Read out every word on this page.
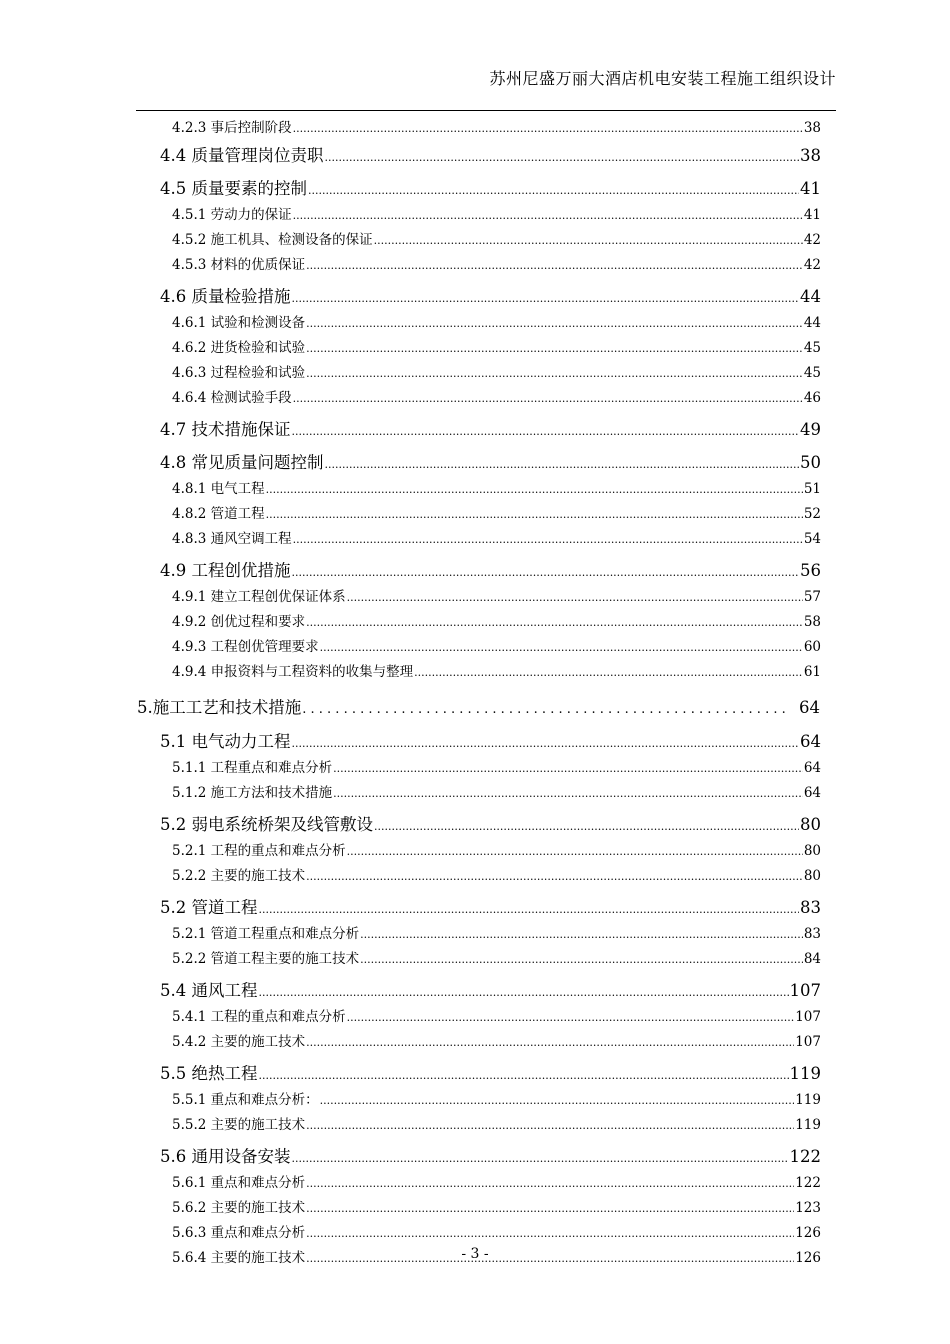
苏州尼盛万丽大酒店机电安装工程施工组织设计
4.2.3 事后控制阶段 .....	38
4.4 质量管理岗位责职 .....	38
4.5 质量要素的控制 .....	41
4.5.1 劳动力的保证 .....	41
4.5.2 施工机具、检测设备的保证 .....	42
4.5.3 材料的优质保证 .....	42
4.6 质量检验措施 .....	44
4.6.1 试验和检测设备 .....	44
4.6.2 进货检验和试验 .....	45
4.6.3 过程检验和试验 .....	45
4.6.4 检测试验手段 .....	46
4.7 技术措施保证 .....	49
4.8 常见质量问题控制 .....	50
4.8.1 电气工程 .....	51
4.8.2 管道工程 .....	52
4.8.3 通风空调工程 .....	54
4.9 工程创优措施 .....	56
4.9.1 建立工程创优保证体系 .....	57
4.9.2 创优过程和要求 .....	58
4.9.3 工程创优管理要求 .....	60
4.9.4 申报资料与工程资料的收集与整理 .....	61
5.施工工艺和技术措施 . . .	64
5.1 电气动力工程 .....	64
5.1.1 工程重点和难点分析 .....	64
5.1.2 施工方法和技术措施 .....	64
5.2 弱电系统桥架及线管敷设 .....	80
5.2.1 工程的重点和难点分析 .....	80
5.2.2 主要的施工技术 .....	80
5.2 管道工程 .....	83
5.2.1 管道工程重点和难点分析 .....	83
5.2.2 管道工程主要的施工技术 .....	84
5.4 通风工程 .....	107
5.4.1 工程的重点和难点分析 .....	107
5.4.2 主要的施工技术 .....	107
5.5 绝热工程 .....	119
5.5.1 重点和难点分析： .....	119
5.5.2 主要的施工技术 .....	119
5.6 通用设备安装 .....	122
5.6.1 重点和难点分析 .....	122
5.6.2 主要的施工技术 .....	123
5.6.3 重点和难点分析 .....	126
5.6.4 主要的施工技术 .....	126
- 3 -
